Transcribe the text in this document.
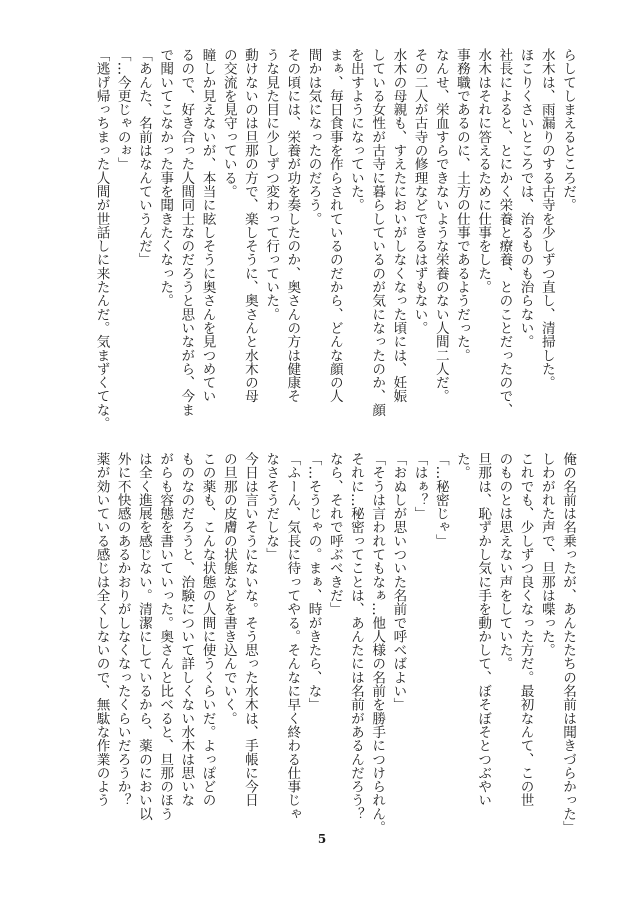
らしてしまえるところだ。

水木は、雨漏りのする古寺を少しずつ直し、清掃した。

ほこりくさいところでは、治るものも治らない。

社長によると、とにかく栄養と療養、とのことだったので、

水木はそれに答えるために仕事をした。

事務職であるのに、土方の仕事であるようだった。

なんせ、栄血すらできないような栄養のない人間二人だ。

その二人が古寺の修理などできるはずもない。

水木の母親も、すえたにおいがしなくなった頃には、妊娠

している女性が古寺に暮らしているのが気になったのか、顔

を出すようになっていた。

まぁ、毎日食事を作らされているのだから、どんな顔の人

間かは気になったのだろう。

その頃には、栄養が功を奏したのか、奥さんの方は健康そ

うな見た目に少しずつ変わって行っていた。

動けないのは旦那の方で、楽しそうに、奥さんと水木の母

の交流を見守っている。

瞳しか見えないが、本当に眩しそうに奥さんを見つめてい

るので、好き合った人間同士なのだろうと思いながら、今ま

で聞いてこなかった事を聞きたくなった。

「あんた、名前はなんていうんだ」

「…今更じゃのぉ」

「逃げ帰っちまった人間が世話しに来たんだ。気まずくてな。

俺の名前は名乗ったが、あんたたちの名前は聞きづらかった」

しわがれた声で、旦那は喋った。

これでも、少しずつ良くなった方だ。最初なんて、この世

のものとは思えない声をしていた。

旦那は、恥ずかし気に手を動かして、ぼそぼそとつぶやい

た。

「…秘密じゃ」

「はぁ？」

「おぬしが思いついた名前で呼べばよい」

「そうは言われてもなぁ…他人様の名前を勝手につけられん。

それに…秘密ってことは、あんたには名前があるんだろう？

なら、それで呼ぶべきだ」

「…そうじゃの。まぁ、時がきたら、な」

「ふーん、気長に待ってやる。そんなに早く終わる仕事じゃ

なさそうだしな」

今日は言いそうにないな。そう思った水木は、手帳に今日

の旦那の皮膚の状態などを書き込んでいく。

この薬も、こんな状態の人間に使うくらいだ。よっぽどの

ものなのだろうと、治験について詳しくない水木は思いな

がらも容態を書いていった。奥さんと比べると、旦那のほう

は全く進展を感じない。清潔にしているから、薬のにおい以

外に不快感のあるかおりがしなくなったくらいだろうか？

薬が効いている感じは全くしないので、無駄な作業のよう

5
